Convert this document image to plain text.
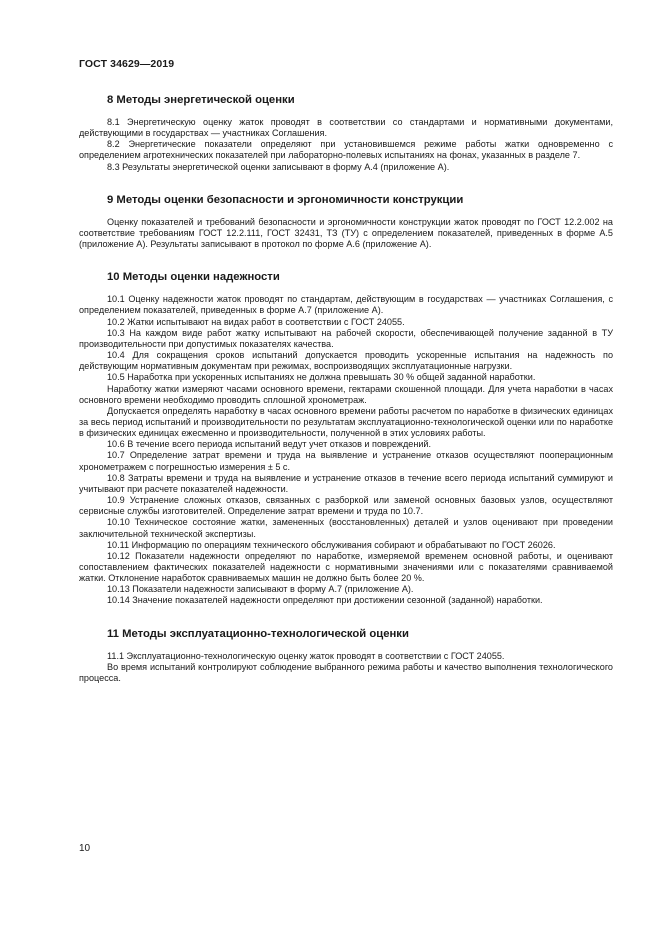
ГОСТ 34629—2019
8 Методы энергетической оценки

8.1 Энергетическую оценку жаток проводят в соответствии со стандартами и нормативными документами, действующими в государствах — участниках Соглашения.

8.2 Энергетические показатели определяют при установившемся режиме работы жатки одновременно с определением агротехнических показателей при лабораторно-полевых испытаниях на фонах, указанных в разделе 7.

8.3 Результаты энергетической оценки записывают в форму А.4 (приложение А).

9 Методы оценки безопасности и эргономичности конструкции

Оценку показателей и требований безопасности и эргономичности конструкции жаток проводят по ГОСТ 12.2.002 на соответствие требованиям ГОСТ 12.2.111, ГОСТ 32431, ТЗ (ТУ) с определением показателей, приведенных в форме А.5 (приложение А). Результаты записывают в протокол по форме А.6 (приложение А).

10 Методы оценки надежности

10.1 Оценку надежности жаток проводят по стандартам, действующим в государствах — участниках Соглашения, с определением показателей, приведенных в форме А.7 (приложение А).

10.2 Жатки испытывают на видах работ в соответствии с ГОСТ 24055.

10.3 На каждом виде работ жатку испытывают на рабочей скорости, обеспечивающей получение заданной в ТУ производительности при допустимых показателях качества.

10.4 Для сокращения сроков испытаний допускается проводить ускоренные испытания на надежность по действующим нормативным документам при режимах, воспроизводящих эксплуатационные нагрузки.

10.5 Наработка при ускоренных испытаниях не должна превышать 30 % общей заданной наработки.

Наработку жатки измеряют часами основного времени, гектарами скошенной площади. Для учета наработки в часах основного времени необходимо проводить сплошной хронометраж.

Допускается определять наработку в часах основного времени работы расчетом по наработке в физических единицах за весь период испытаний и производительности по результатам эксплуатационно-технологической оценки или по наработке в физических единицах ежесменно и производительности, полученной в этих условиях работы.

10.6 В течение всего периода испытаний ведут учет отказов и повреждений.

10.7 Определение затрат времени и труда на выявление и устранение отказов осуществляют пооперационным хронометражем с погрешностью измерения ± 5 с.

10.8 Затраты времени и труда на выявление и устранение отказов в течение всего периода испытаний суммируют и учитывают при расчете показателей надежности.

10.9 Устранение сложных отказов, связанных с разборкой или заменой основных базовых узлов, осуществляют сервисные службы изготовителей. Определение затрат времени и труда по 10.7.

10.10 Техническое состояние жатки, замененных (восстановленных) деталей и узлов оценивают при проведении заключительной технической экспертизы.

10.11 Информацию по операциям технического обслуживания собирают и обрабатывают по ГОСТ 26026.

10.12 Показатели надежности определяют по наработке, измеряемой временем основной работы, и оценивают сопоставлением фактических показателей надежности с нормативными значениями или с показателями сравниваемой жатки. Отклонение наработок сравниваемых машин не должно быть более 20 %.

10.13 Показатели надежности записывают в форму А.7 (приложение А).

10.14 Значение показателей надежности определяют при достижении сезонной (заданной) наработки.

11 Методы эксплуатационно-технологической оценки

11.1 Эксплуатационно-технологическую оценку жаток проводят в соответствии с ГОСТ 24055.

Во время испытаний контролируют соблюдение выбранного режима работы и качество выполнения технологического процесса.

10
